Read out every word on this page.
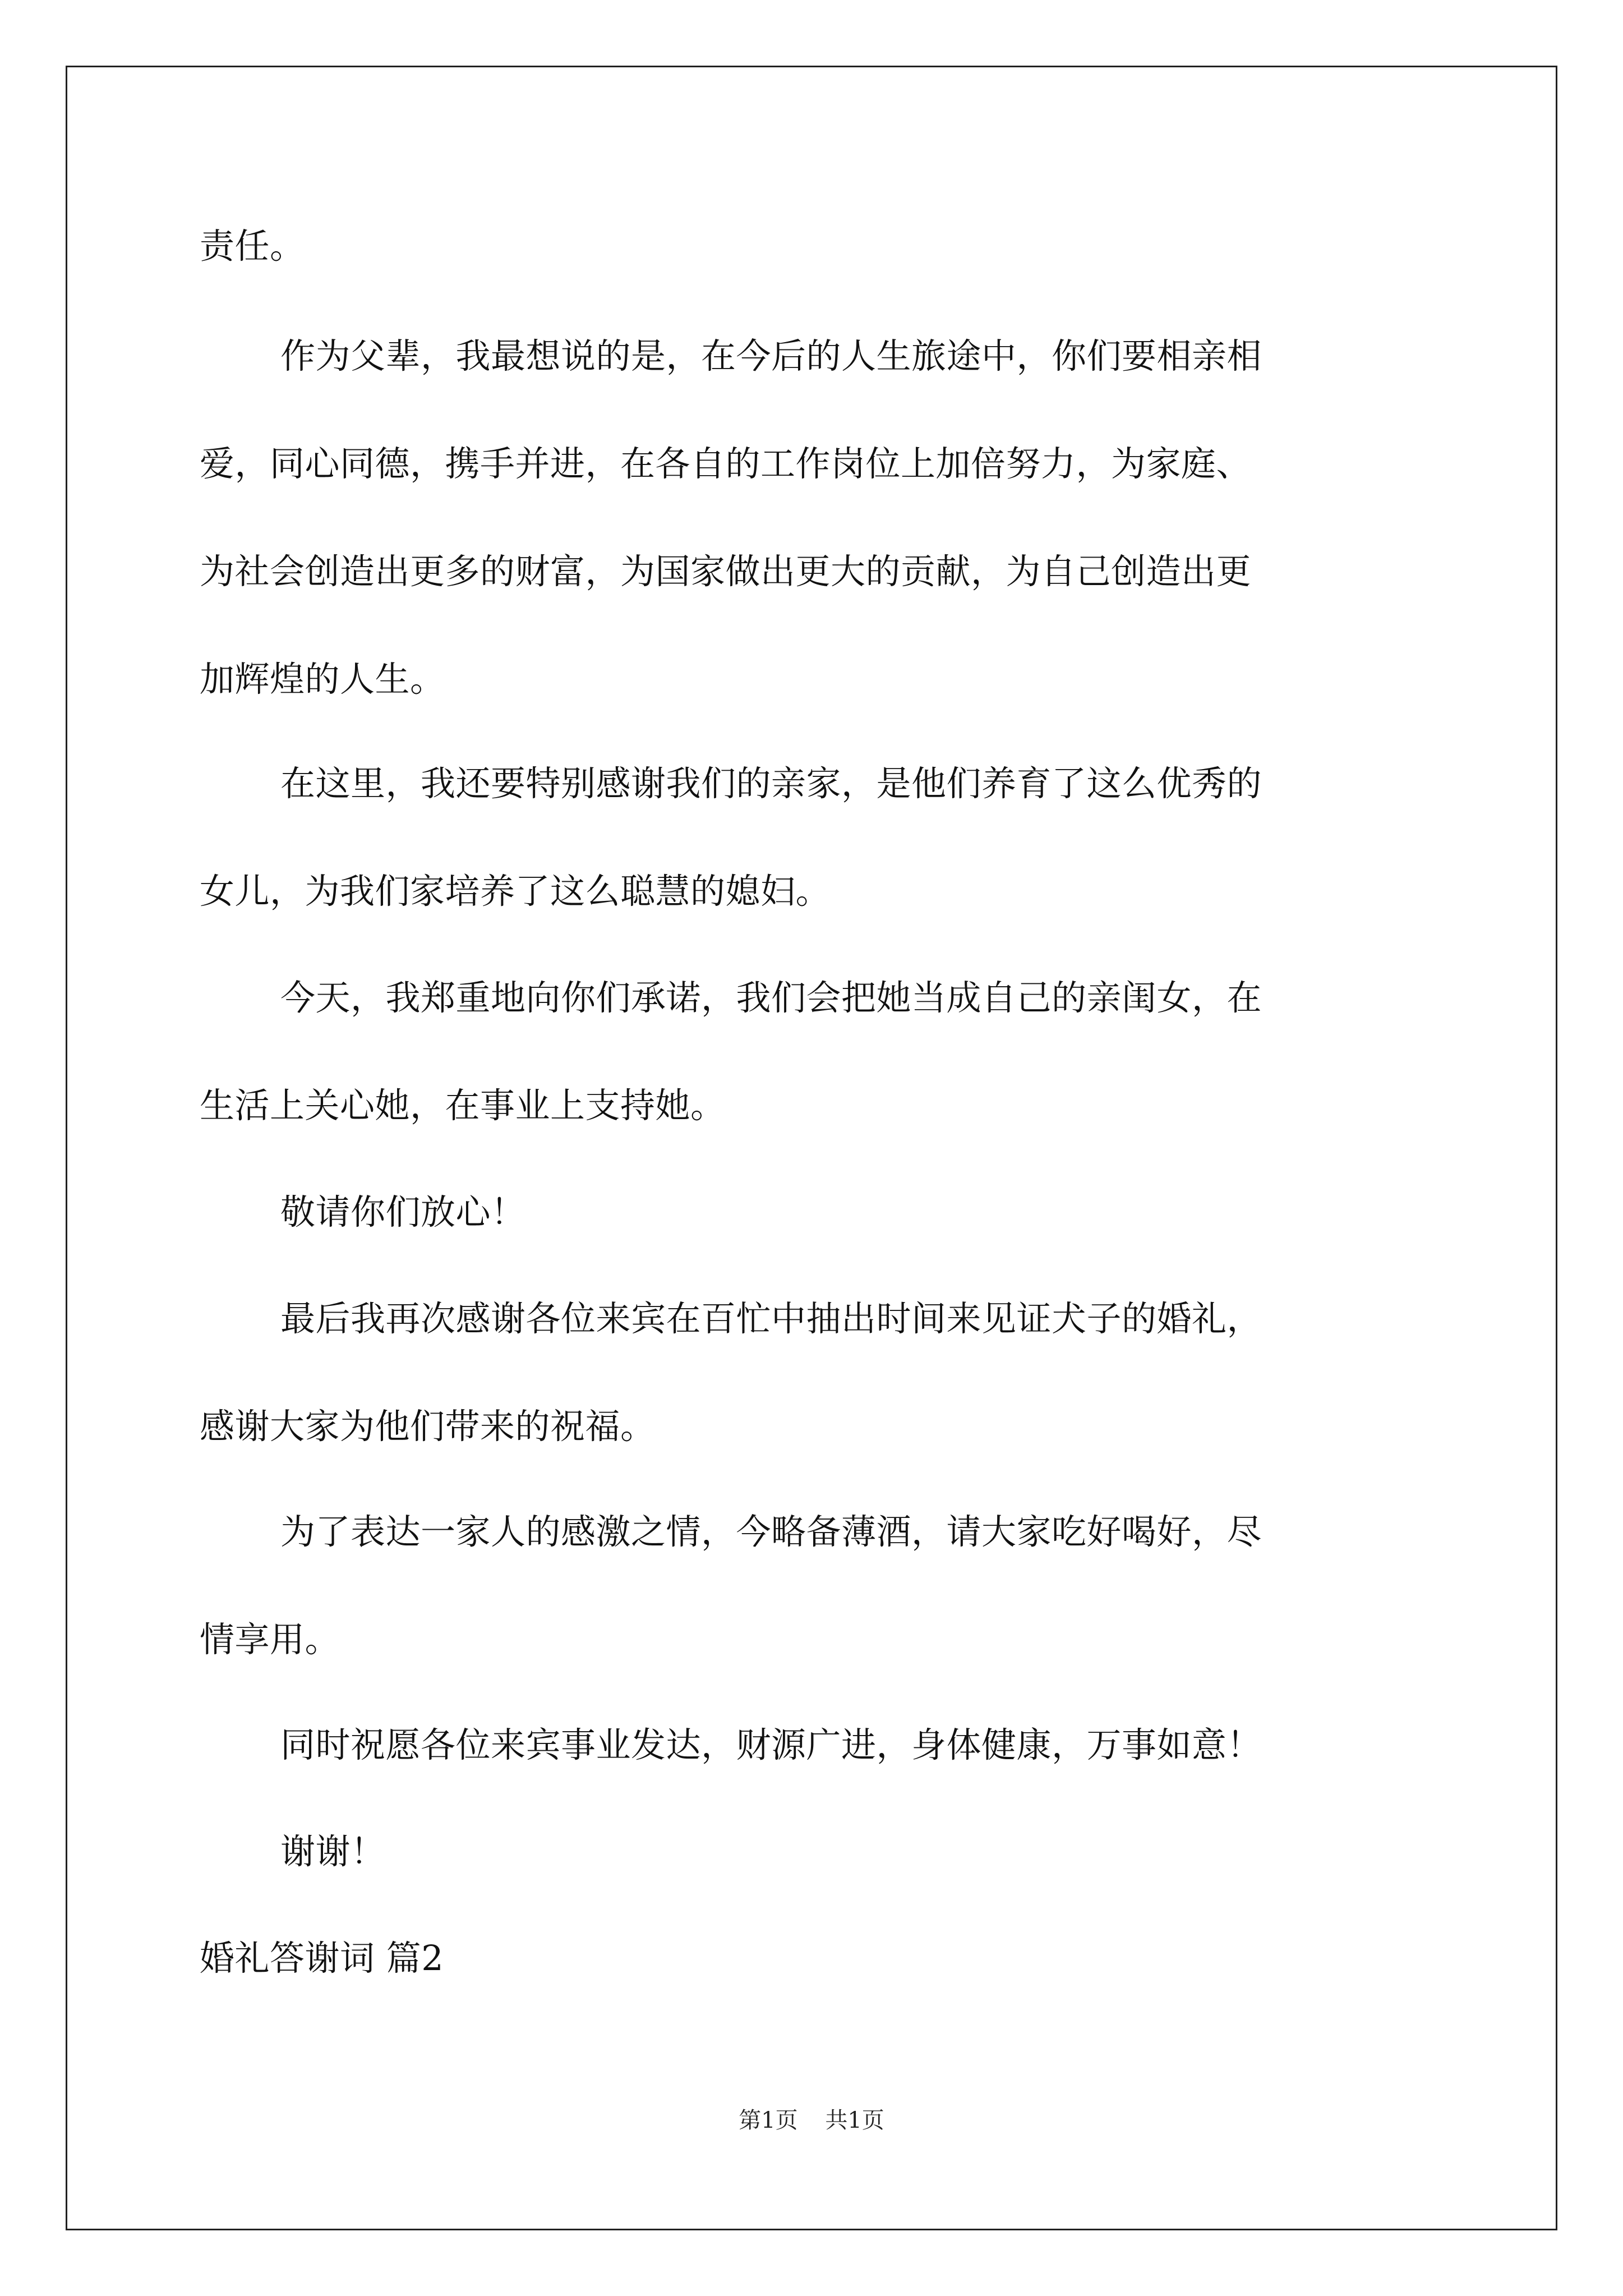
责任。
作为父辈，我最想说的是，在今后的人生旅途中，你们要相亲相
爱，同心同德，携手并进，在各自的工作岗位上加倍努力，为家庭、
为社会创造出更多的财富，为国家做出更大的贡献，为自己创造出更
加辉煌的人生。
在这里，我还要特别感谢我们的亲家，是他们养育了这么优秀的
女儿，为我们家培养了这么聪慧的媳妇。
今天，我郑重地向你们承诺，我们会把她当成自己的亲闺女，在
生活上关心她，在事业上支持她。
敬请你们放心！
最后我再次感谢各位来宾在百忙中抽出时间来见证犬子的婚礼，
感谢大家为他们带来的祝福。
为了表达一家人的感激之情，今略备薄酒，请大家吃好喝好，尽
情享用。
同时祝愿各位来宾事业发达，财源广进，身体健康，万事如意！
谢谢！
婚礼答谢词 篇2
第1页 共1页
